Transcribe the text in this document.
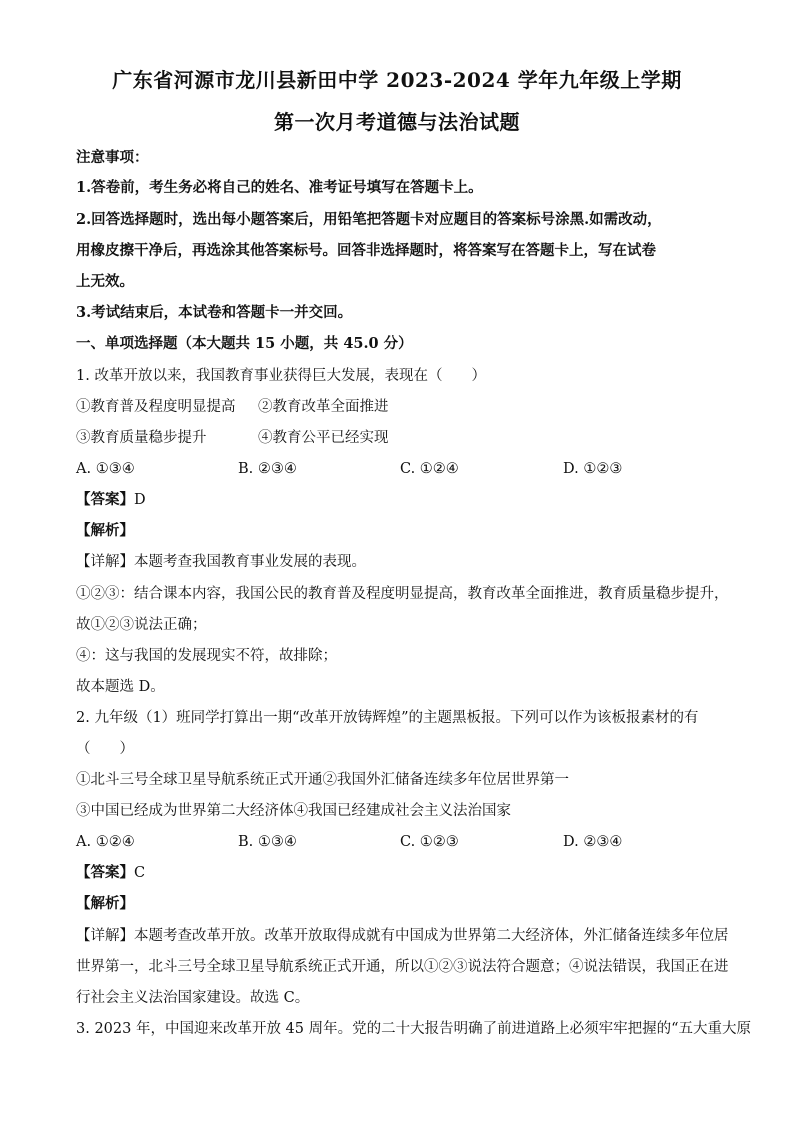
广东省河源市龙川县新田中学 2023-2024 学年九年级上学期
第一次月考道德与法治试题
注意事项：
1.答卷前，考生务必将自己的姓名、准考证号填写在答题卡上。
2.回答选择题时，选出每小题答案后，用铅笔把答题卡对应题目的答案标号涂黑.如需改动，
用橡皮擦干净后，再选涂其他答案标号。回答非选择题时，将答案写在答题卡上，写在试卷
上无效。
3.考试结束后，本试卷和答题卡一并交回。
一、单项选择题（本大题共 15 小题，共 45.0 分）
1. 改革开放以来，我国教育事业获得巨大发展，表现在（　　）
①教育普及程度明显提高 ②教育改革全面推进
③教育质量稳步提升	④教育公平已经实现
A. ①③④	B. ②③④	C. ①②④	D. ①②③
【答案】D
【解析】
【详解】本题考查我国教育事业发展的表现。
①②③：结合课本内容，我国公民的教育普及程度明显提高，教育改革全面推进，教育质量稳步提升，
故①②③说法正确；
④：这与我国的发展现实不符，故排除；
故本题选 D。
2. 九年级（1）班同学打算出一期“改革开放铸辉煌”的主题黑板报。下列可以作为该板报素材的有
（　　）
①北斗三号全球卫星导航系统正式开通②我国外汇储备连续多年位居世界第一
③中国已经成为世界第二大经济体④我国已经建成社会主义法治国家
A. ①②④	B. ①③④	C. ①②③	D. ②③④
【答案】C
【解析】
【详解】本题考查改革开放。改革开放取得成就有中国成为世界第二大经济体，外汇储备连续多年位居
世界第一，北斗三号全球卫星导航系统正式开通，所以①②③说法符合题意；④说法错误，我国正在进
行社会主义法治国家建设。故选 C。
3. 2023 年，中国迎来改革开放 45 周年。党的二十大报告明确了前进道路上必须牢牢把握的“五大重大原
